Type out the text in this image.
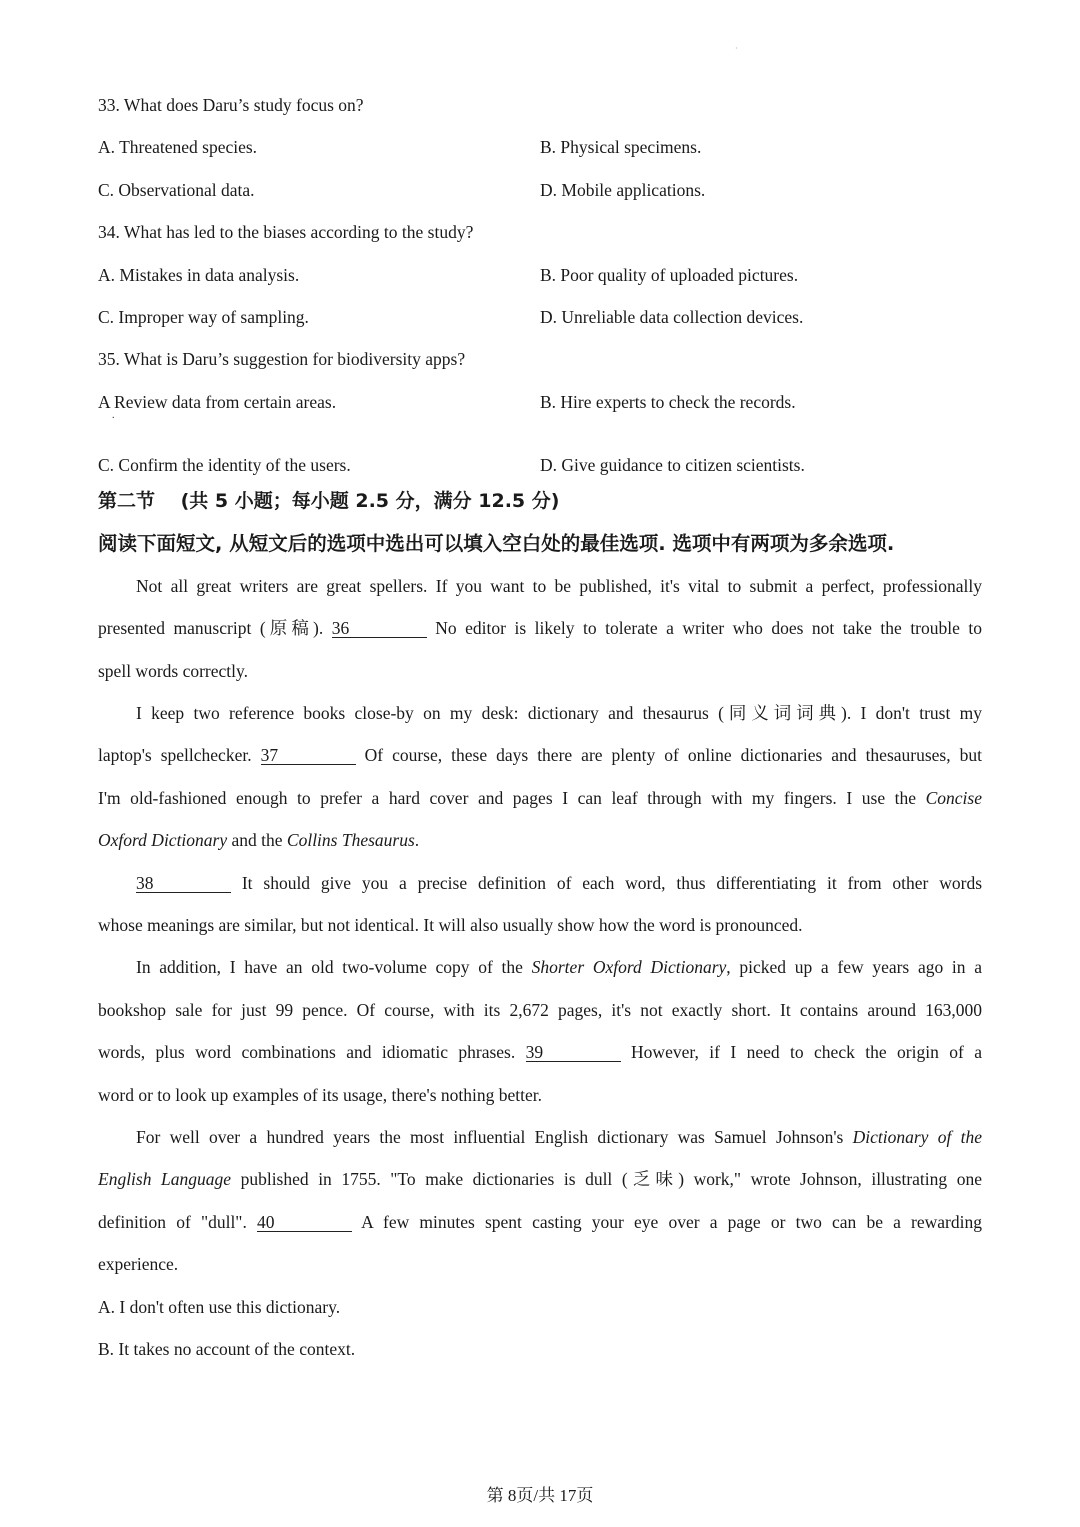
·
33. What does Daru’s study focus on?
A. Threatened species.	B. Physical specimens.
C. Observational data.	D. Mobile applications.
34. What has led to the biases according to the study?
A. Mistakes in data analysis.	B. Poor quality of uploaded pictures.
C. Improper way of sampling.	D. Unreliable data collection devices.
35. What is Daru’s suggestion for biodiversity apps?
A Review data from certain areas.	B. Hire experts to check the records.
.
C. Confirm the identity of the users.	D. Give guidance to citizen scientists.
第二节　 (共 5 小题；每小题 2.5 分，满分 12.5 分)
阅读下面短文, 从短文后的选项中选出可以填入空白处的最佳选项. 选项中有两项为多余选项.
Not all great writers are great spellers. If you want to be published, it's vital to submit a perfect, professionally
presented manuscript (原稿). 36	No editor is likely to tolerate a writer who does not take the trouble to
spell words correctly.
I keep two reference books close-by on my desk: dictionary and thesaurus (同义词词典). I don't trust my
laptop's spellchecker. 37	Of course, these days there are plenty of online dictionaries and thesauruses, but
I'm old-fashioned enough to prefer a hard cover and pages I can leaf through with my fingers. I use the Concise
Oxford Dictionary and the Collins Thesaurus.
38	It should give you a precise definition of each word, thus differentiating it from other words
whose meanings are similar, but not identical. It will also usually show how the word is pronounced.
In addition, I have an old two-volume copy of the Shorter Oxford Dictionary, picked up a few years ago in a
bookshop sale for just 99 pence. Of course, with its 2,672 pages, it's not exactly short. It contains around 163,000
words, plus word combinations and idiomatic phrases. 39	However, if I need to check the origin of a
word or to look up examples of its usage, there's nothing better.
For well over a hundred years the most influential English dictionary was Samuel Johnson's Dictionary of the
English Language published in 1755. "To make dictionaries is dull (乏味) work," wrote Johnson, illustrating one
definition of "dull". 40	A few minutes spent casting your eye over a page or two can be a rewarding
experience.
A. I don't often use this dictionary.
B. It takes no account of the context.
第 8页/共 17页
